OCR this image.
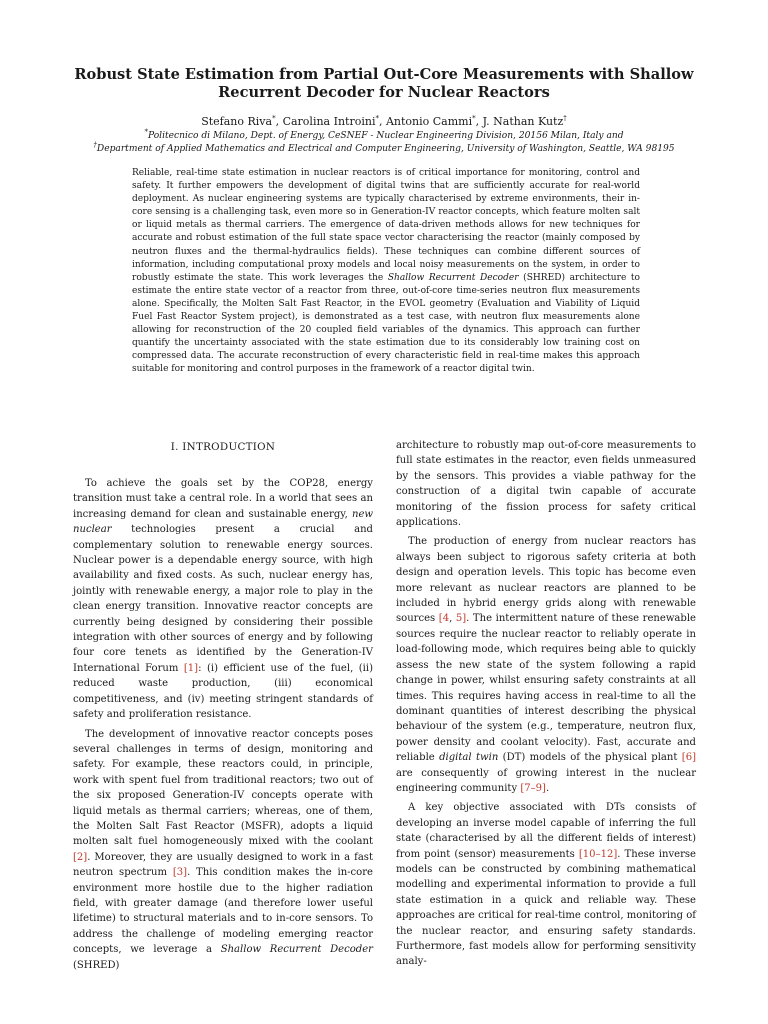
Robust State Estimation from Partial Out-Core Measurements with Shallow
Recurrent Decoder for Nuclear Reactors
Stefano Riva*, Carolina Introini*, Antonio Cammi*, J. Nathan Kutz†
*Politecnico di Milano, Dept. of Energy, CeSNEF - Nuclear Engineering Division, 20156 Milan, Italy and
†Department of Applied Mathematics and Electrical and Computer Engineering, University of Washington, Seattle, WA 98195
Reliable, real-time state estimation in nuclear reactors is of critical importance for monitoring, control and safety. It further empowers the development of digital twins that are sufficiently accurate for real-world deployment. As nuclear engineering systems are typically characterised by extreme environments, their in-core sensing is a challenging task, even more so in Generation-IV reactor concepts, which feature molten salt or liquid metals as thermal carriers. The emergence of data-driven methods allows for new techniques for accurate and robust estimation of the full state space vector characterising the reactor (mainly composed by neutron fluxes and the thermal-hydraulics fields). These techniques can combine different sources of information, including computational proxy models and local noisy measurements on the system, in order to robustly estimate the state. This work leverages the Shallow Recurrent Decoder (SHRED) architecture to estimate the entire state vector of a reactor from three, out-of-core time-series neutron flux measurements alone. Specifically, the Molten Salt Fast Reactor, in the EVOL geometry (Evaluation and Viability of Liquid Fuel Fast Reactor System project), is demonstrated as a test case, with neutron flux measurements alone allowing for reconstruction of the 20 coupled field variables of the dynamics. This approach can further quantify the uncertainty associated with the state estimation due to its considerably low training cost on compressed data. The accurate reconstruction of every characteristic field in real-time makes this approach suitable for monitoring and control purposes in the framework of a reactor digital twin.
I. INTRODUCTION

To achieve the goals set by the COP28, energy transition must take a central role. In a world that sees an increasing demand for clean and sustainable energy, new nuclear technologies present a crucial and complementary solution to renewable energy sources. Nuclear power is a dependable energy source, with high availability and fixed costs. As such, nuclear energy has, jointly with renewable energy, a major role to play in the clean energy transition. Innovative reactor concepts are currently being designed by considering their possible integration with other sources of energy and by following four core tenets as identified by the Generation-IV International Forum [1]: (i) efficient use of the fuel, (ii) reduced waste production, (iii) economical competitiveness, and (iv) meeting stringent standards of safety and proliferation resistance.

The development of innovative reactor concepts poses several challenges in terms of design, monitoring and safety. For example, these reactors could, in principle, work with spent fuel from traditional reactors; two out of the six proposed Generation-IV concepts operate with liquid metals as thermal carriers; whereas, one of them, the Molten Salt Fast Reactor (MSFR), adopts a liquid molten salt fuel homogeneously mixed with the coolant [2]. Moreover, they are usually designed to work in a fast neutron spectrum [3]. This condition makes the in-core environment more hostile due to the higher radiation field, with greater damage (and therefore lower useful lifetime) to structural materials and to in-core sensors. To address the challenge of modeling emerging reactor concepts, we leverage a Shallow Recurrent Decoder (SHRED)

architecture to robustly map out-of-core measurements to full state estimates in the reactor, even fields unmeasured by the sensors. This provides a viable pathway for the construction of a digital twin capable of accurate monitoring of the fission process for safety critical applications.

The production of energy from nuclear reactors has always been subject to rigorous safety criteria at both design and operation levels. This topic has become even more relevant as nuclear reactors are planned to be included in hybrid energy grids along with renewable sources [4, 5]. The intermittent nature of these renewable sources require the nuclear reactor to reliably operate in load-following mode, which requires being able to quickly assess the new state of the system following a rapid change in power, whilst ensuring safety constraints at all times. This requires having access in real-time to all the dominant quantities of interest describing the physical behaviour of the system (e.g., temperature, neutron flux, power density and coolant velocity). Fast, accurate and reliable digital twin (DT) models of the physical plant [6] are consequently of growing interest in the nuclear engineering community [7–9].

A key objective associated with DTs consists of developing an inverse model capable of inferring the full state (characterised by all the different fields of interest) from point (sensor) measurements [10–12]. These inverse models can be constructed by combining mathematical modelling and experimental information to provide a full state estimation in a quick and reliable way. These approaches are critical for real-time control, monitoring of the nuclear reactor, and ensuring safety standards. Furthermore, fast models allow for performing sensitivity analy-
